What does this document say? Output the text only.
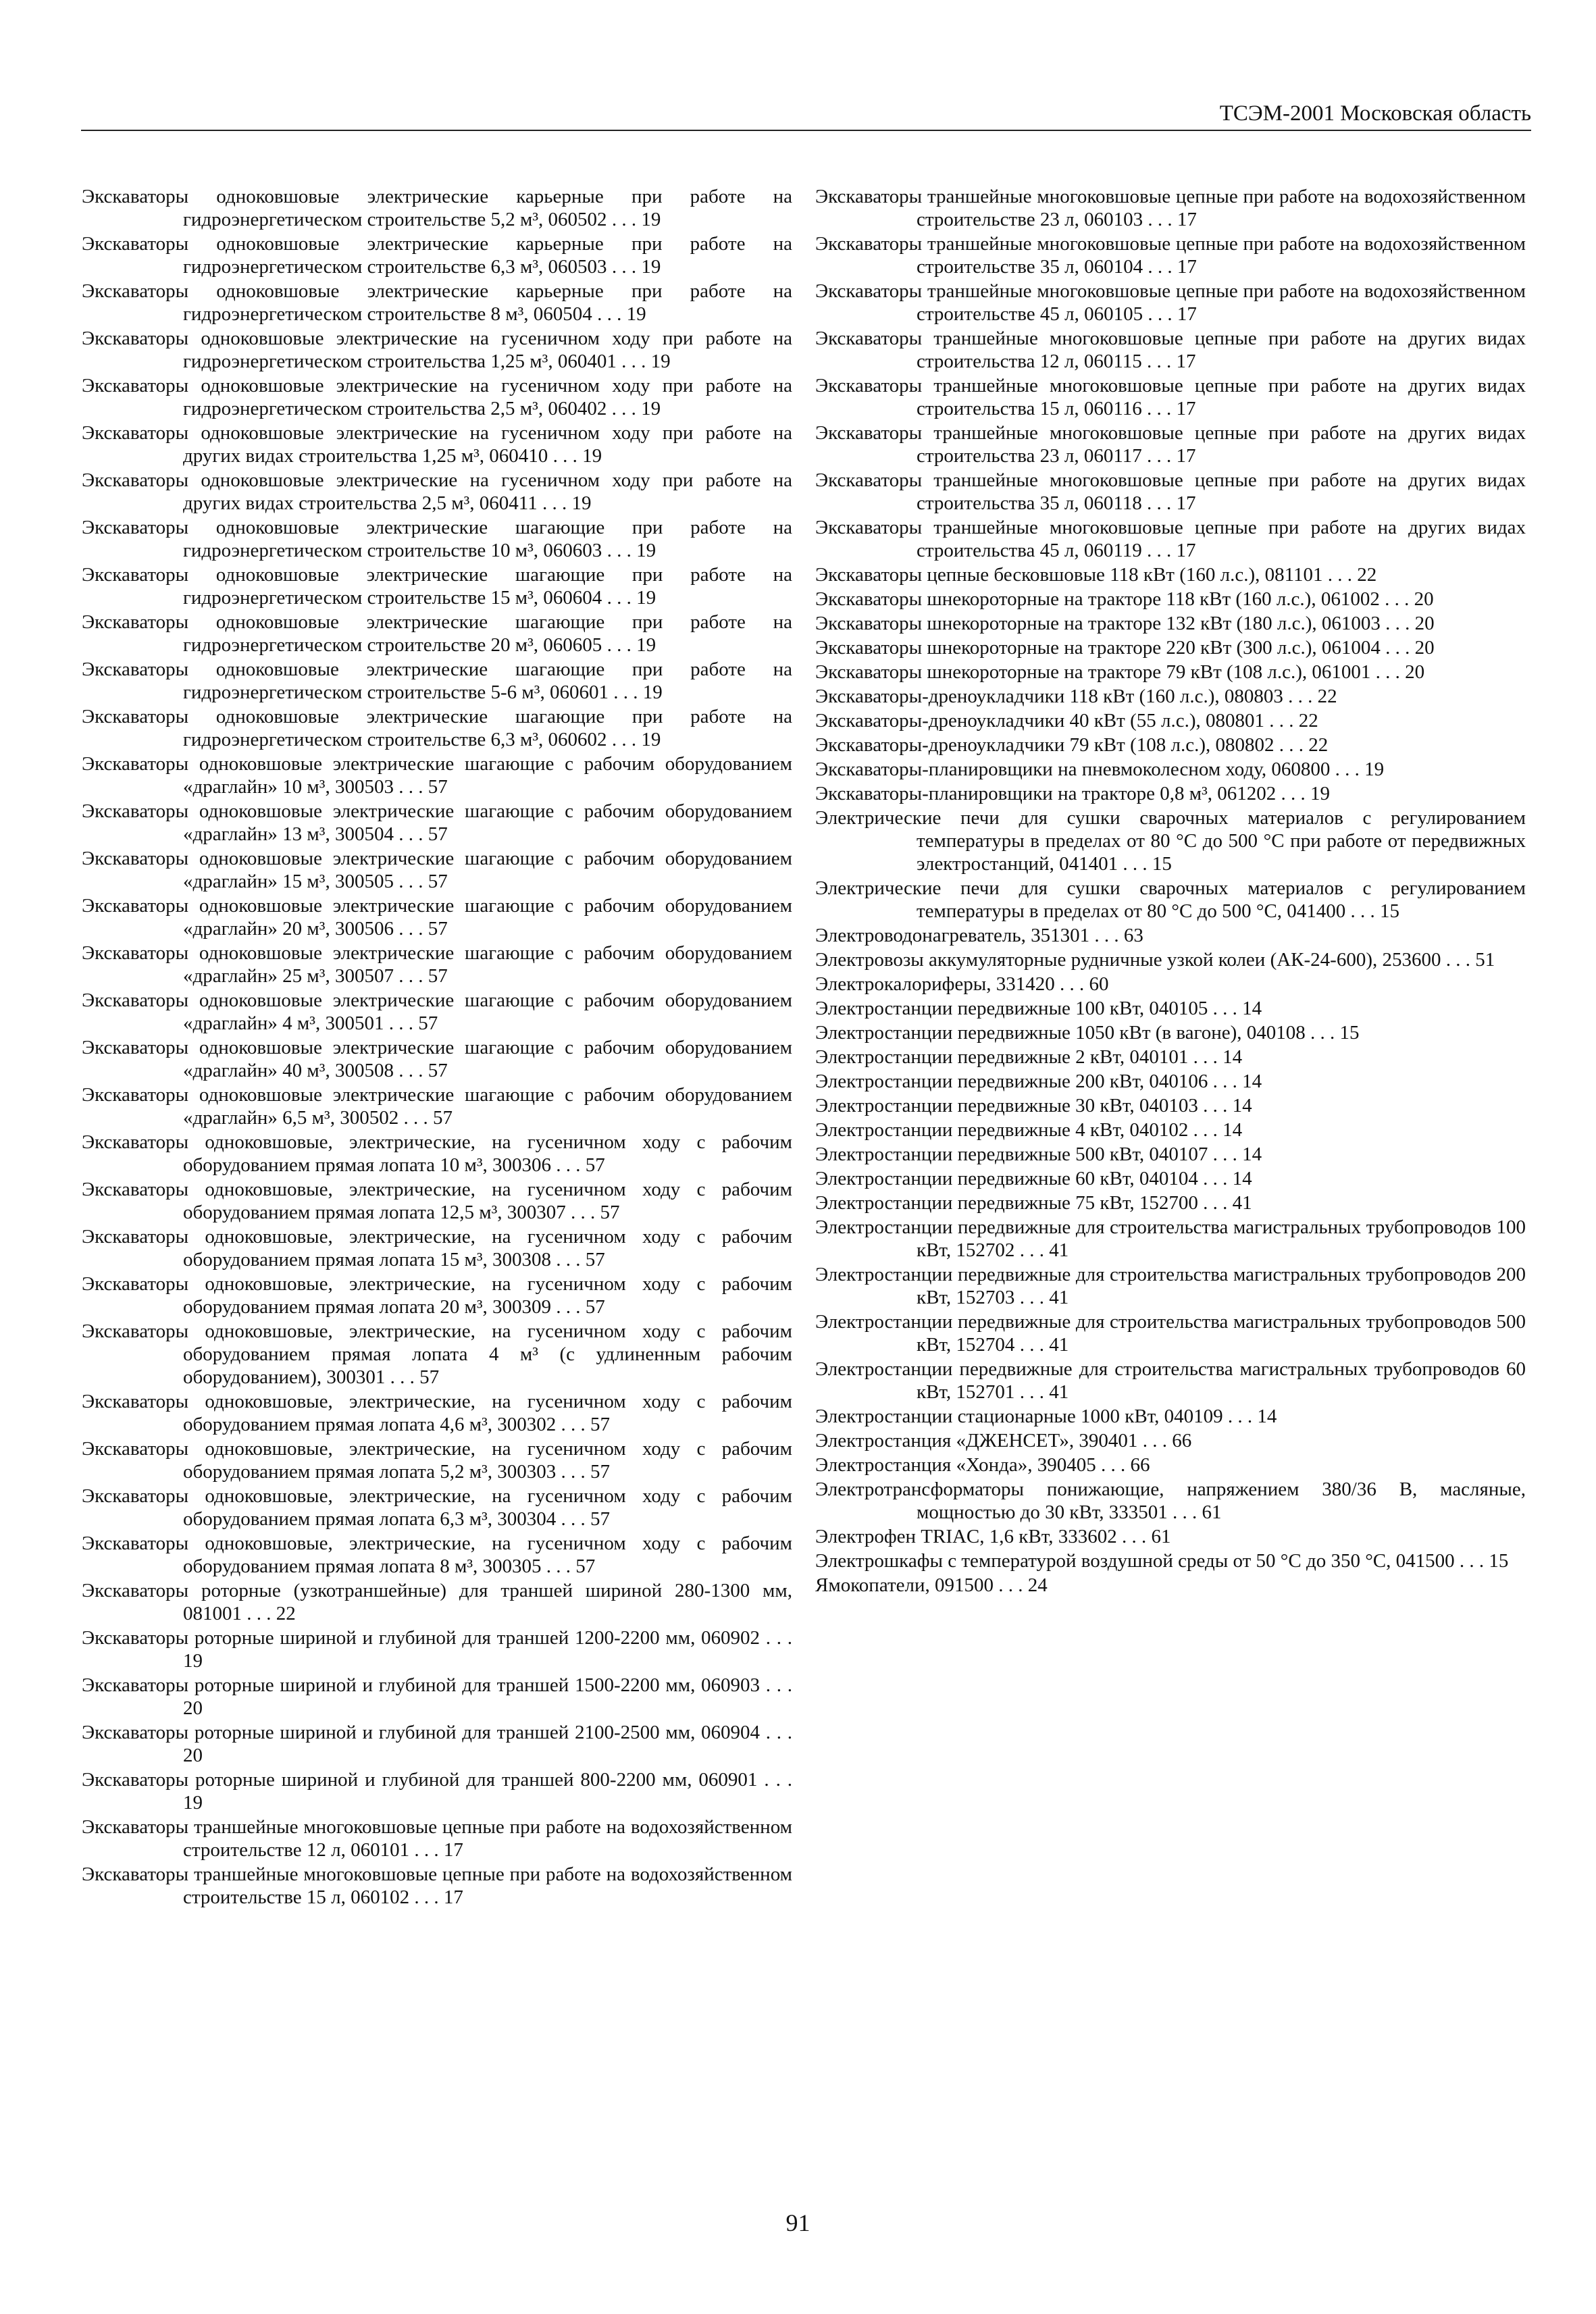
ТСЭМ-2001 Московская область

Экскаваторы одноковшовые электрические карьерные при работе на гидроэнергетическом строительстве 5,2 м³, 060502 . . . 19

Экскаваторы одноковшовые электрические карьерные при работе на гидроэнергетическом строительстве 6,3 м³, 060503 . . . 19

Экскаваторы одноковшовые электрические карьерные при работе на гидроэнергетическом строительстве 8 м³, 060504 . . . 19

Экскаваторы одноковшовые электрические на гусеничном ходу при работе на гидроэнергетическом строительства 1,25 м³, 060401 . . . 19

Экскаваторы одноковшовые электрические на гусеничном ходу при работе на гидроэнергетическом строительства 2,5 м³, 060402 . . . 19

Экскаваторы одноковшовые электрические на гусеничном ходу при работе на других видах строительства 1,25 м³, 060410 . . . 19

Экскаваторы одноковшовые электрические на гусеничном ходу при работе на других видах строительства 2,5 м³, 060411 . . . 19

Экскаваторы одноковшовые электрические шагающие при работе на гидроэнергетическом строительстве 10 м³, 060603 . . . 19

Экскаваторы одноковшовые электрические шагающие при работе на гидроэнергетическом строительстве 15 м³, 060604 . . . 19

Экскаваторы одноковшовые электрические шагающие при работе на гидроэнергетическом строительстве 20 м³, 060605 . . . 19

Экскаваторы одноковшовые электрические шагающие при работе на гидроэнергетическом строительстве 5-6 м³, 060601 . . . 19

Экскаваторы одноковшовые электрические шагающие при работе на гидроэнергетическом строительстве 6,3 м³, 060602 . . . 19

Экскаваторы одноковшовые электрические шагающие с рабочим оборудованием «драглайн» 10 м³, 300503 . . . 57

Экскаваторы одноковшовые электрические шагающие с рабочим оборудованием «драглайн» 13 м³, 300504 . . . 57

Экскаваторы одноковшовые электрические шагающие с рабочим оборудованием «драглайн» 15 м³, 300505 . . . 57

Экскаваторы одноковшовые электрические шагающие с рабочим оборудованием «драглайн» 20 м³, 300506 . . . 57

Экскаваторы одноковшовые электрические шагающие с рабочим оборудованием «драглайн» 25 м³, 300507 . . . 57

Экскаваторы одноковшовые электрические шагающие с рабочим оборудованием «драглайн» 4 м³, 300501 . . . 57

Экскаваторы одноковшовые электрические шагающие с рабочим оборудованием «драглайн» 40 м³, 300508 . . . 57

Экскаваторы одноковшовые электрические шагающие с рабочим оборудованием «драглайн» 6,5 м³, 300502 . . . 57

Экскаваторы одноковшовые, электрические, на гусеничном ходу с рабочим оборудованием прямая лопата 10 м³, 300306 . . . 57

Экскаваторы одноковшовые, электрические, на гусеничном ходу с рабочим оборудованием прямая лопата 12,5 м³, 300307 . . . 57

Экскаваторы одноковшовые, электрические, на гусеничном ходу с рабочим оборудованием прямая лопата 15 м³, 300308 . . . 57

Экскаваторы одноковшовые, электрические, на гусеничном ходу с рабочим оборудованием прямая лопата 20 м³, 300309 . . . 57

Экскаваторы одноковшовые, электрические, на гусеничном ходу с рабочим оборудованием прямая лопата 4 м³ (с удлиненным рабочим оборудованием), 300301 . . . 57

Экскаваторы одноковшовые, электрические, на гусеничном ходу с рабочим оборудованием прямая лопата 4,6 м³, 300302 . . . 57

Экскаваторы одноковшовые, электрические, на гусеничном ходу с рабочим оборудованием прямая лопата 5,2 м³, 300303 . . . 57

Экскаваторы одноковшовые, электрические, на гусеничном ходу с рабочим оборудованием прямая лопата 6,3 м³, 300304 . . . 57

Экскаваторы одноковшовые, электрические, на гусеничном ходу с рабочим оборудованием прямая лопата 8 м³, 300305 . . . 57

Экскаваторы роторные (узкотраншейные) для траншей шириной 280-1300 мм, 081001 . . . 22

Экскаваторы роторные шириной и глубиной для траншей 1200-2200 мм, 060902 . . . 19

Экскаваторы роторные шириной и глубиной для траншей 1500-2200 мм, 060903 . . . 20

Экскаваторы роторные шириной и глубиной для траншей 2100-2500 мм, 060904 . . . 20

Экскаваторы роторные шириной и глубиной для траншей 800-2200 мм, 060901 . . . 19

Экскаваторы траншейные многоковшовые цепные при работе на водохозяйственном строительстве 12 л, 060101 . . . 17

Экскаваторы траншейные многоковшовые цепные при работе на водохозяйственном строительстве 15 л, 060102 . . . 17

Экскаваторы траншейные многоковшовые цепные при работе на водохозяйственном строительстве 23 л, 060103 . . . 17

Экскаваторы траншейные многоковшовые цепные при работе на водохозяйственном строительстве 35 л, 060104 . . . 17

Экскаваторы траншейные многоковшовые цепные при работе на водохозяйственном строительстве 45 л, 060105 . . . 17

Экскаваторы траншейные многоковшовые цепные при работе на других видах строительства 12 л, 060115 . . . 17

Экскаваторы траншейные многоковшовые цепные при работе на других видах строительства 15 л, 060116 . . . 17

Экскаваторы траншейные многоковшовые цепные при работе на других видах строительства 23 л, 060117 . . . 17

Экскаваторы траншейные многоковшовые цепные при работе на других видах строительства 35 л, 060118 . . . 17

Экскаваторы траншейные многоковшовые цепные при работе на других видах строительства 45 л, 060119 . . . 17

Экскаваторы цепные бесковшовые 118 кВт (160 л.с.), 081101 . . . 22

Экскаваторы шнекороторные на тракторе 118 кВт (160 л.с.), 061002 . . . 20

Экскаваторы шнекороторные на тракторе 132 кВт (180 л.с.), 061003 . . . 20

Экскаваторы шнекороторные на тракторе 220 кВт (300 л.с.), 061004 . . . 20

Экскаваторы шнекороторные на тракторе 79 кВт (108 л.с.), 061001 . . . 20

Экскаваторы-дреноукладчики 118 кВт (160 л.с.), 080803 . . . 22

Экскаваторы-дреноукладчики 40 кВт (55 л.с.), 080801 . . . 22

Экскаваторы-дреноукладчики 79 кВт (108 л.с.), 080802 . . . 22

Экскаваторы-планировщики на пневмоколесном ходу, 060800 . . . 19

Экскаваторы-планировщики на тракторе 0,8 м³, 061202 . . . 19

Электрические печи для сушки сварочных материалов с регулированием температуры в пределах от 80 °С до 500 °С при работе от передвижных электростанций, 041401 . . . 15

Электрические печи для сушки сварочных материалов с регулированием температуры в пределах от 80 °С до 500 °С, 041400 . . . 15

Электроводонагреватель, 351301 . . . 63

Электровозы аккумуляторные рудничные узкой колеи (АК-24-600), 253600 . . . 51

Электрокалориферы, 331420 . . . 60

Электростанции передвижные 100 кВт, 040105 . . . 14

Электростанции передвижные 1050 кВт (в вагоне), 040108 . . . 15

Электростанции передвижные 2 кВт, 040101 . . . 14

Электростанции передвижные 200 кВт, 040106 . . . 14

Электростанции передвижные 30 кВт, 040103 . . . 14

Электростанции передвижные 4 кВт, 040102 . . . 14

Электростанции передвижные 500 кВт, 040107 . . . 14

Электростанции передвижные 60 кВт, 040104 . . . 14

Электростанции передвижные 75 кВт, 152700 . . . 41

Электростанции передвижные для строительства магистральных трубопроводов 100 кВт, 152702 . . . 41

Электростанции передвижные для строительства магистральных трубопроводов 200 кВт, 152703 . . . 41

Электростанции передвижные для строительства магистральных трубопроводов 500 кВт, 152704 . . . 41

Электростанции передвижные для строительства магистральных трубопроводов 60 кВт, 152701 . . . 41

Электростанции стационарные 1000 кВт, 040109 . . . 14

Электростанция «ДЖЕНСЕТ», 390401 . . . 66

Электростанция «Хонда», 390405 . . . 66

Электротрансформаторы понижающие, напряжением 380/36 В, масляные, мощностью до 30 кВт, 333501 . . . 61

Электрофен TRIAC, 1,6 кВт, 333602 . . . 61

Электрошкафы с температурой воздушной среды от 50 °С до 350 °С, 041500 . . . 15

Ямокопатели, 091500 . . . 24

91
